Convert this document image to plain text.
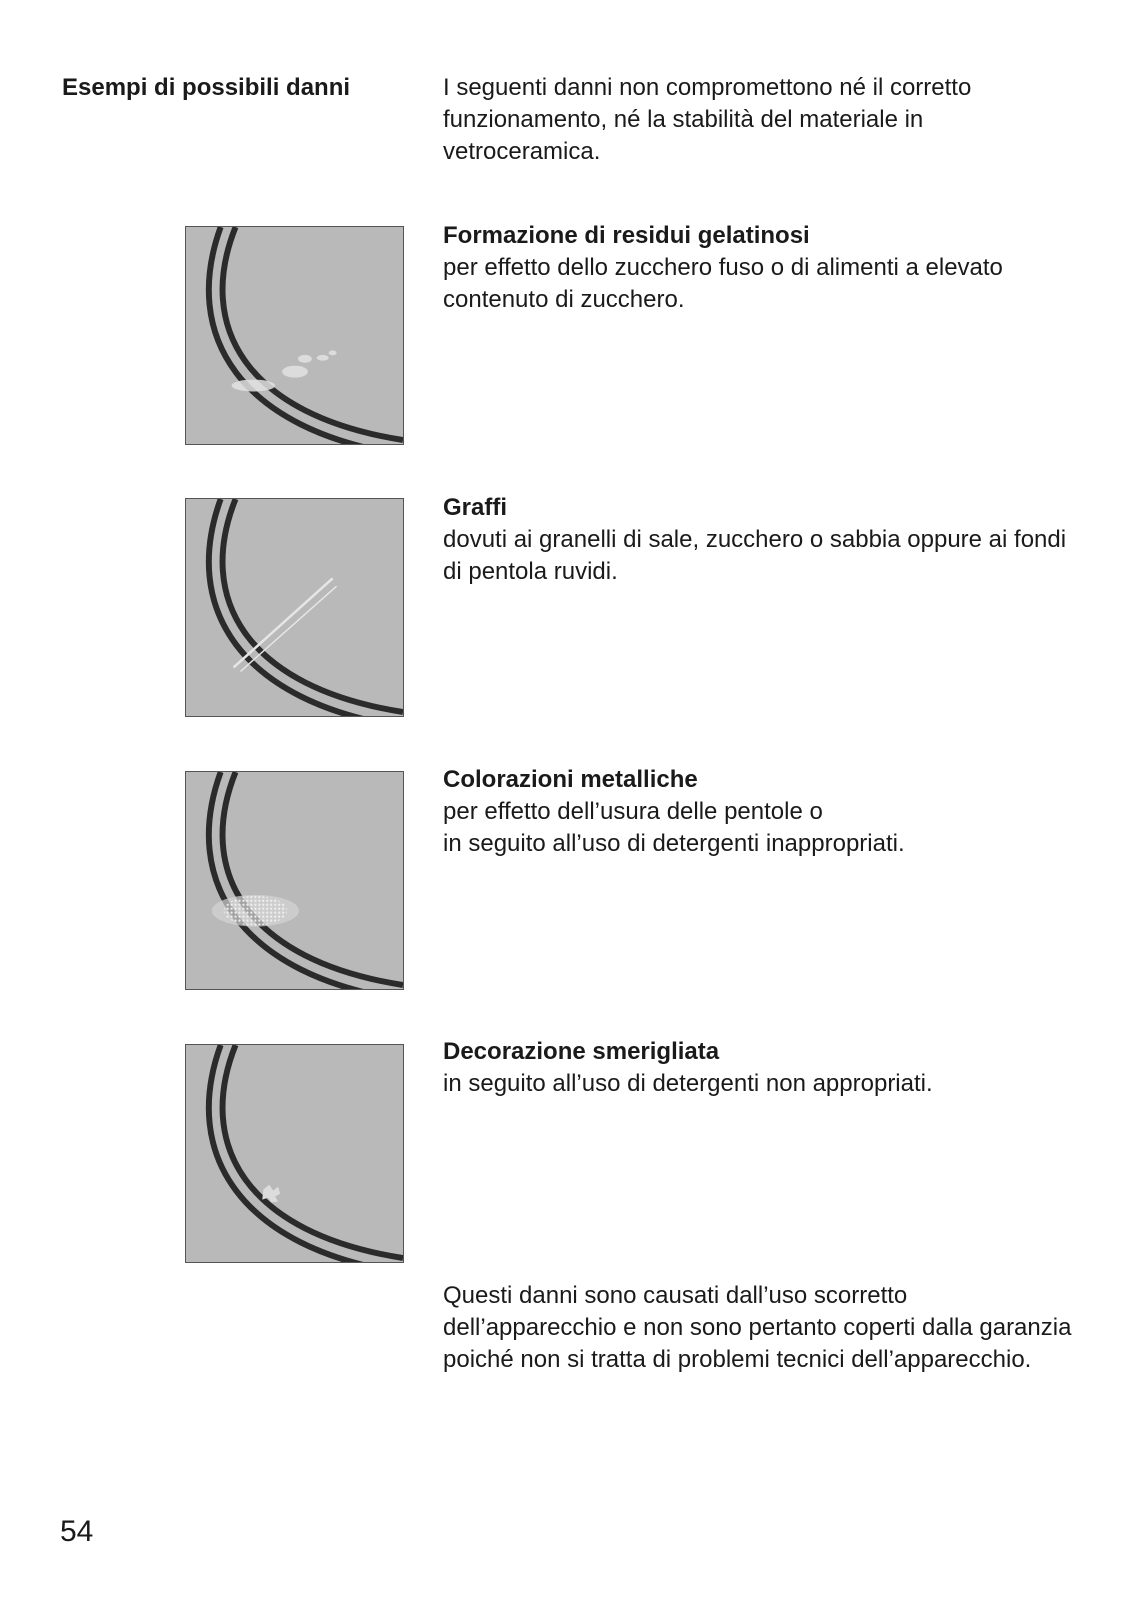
Esempi di possibili danni	I seguenti danni non compromettono né il corretto funzionamento, né la stabilità del materiale in vetroceramica.

Formazione di residui gelatinosi

per effetto dello zucchero fuso o di alimenti a elevato contenuto di zucchero.

Graffi

dovuti ai granelli di sale, zucchero o sabbia oppure ai fondi di pentola ruvidi.

Colorazioni metalliche

per effetto dell’usura delle pentole o
in seguito all’uso di detergenti inappropriati.

Decorazione smerigliata

in seguito all’uso di detergenti non appropriati.

Questi danni sono causati dall’uso scorretto dell’apparecchio e non sono pertanto coperti dalla garanzia poiché non si tratta di problemi tecnici dell’apparecchio.

54
